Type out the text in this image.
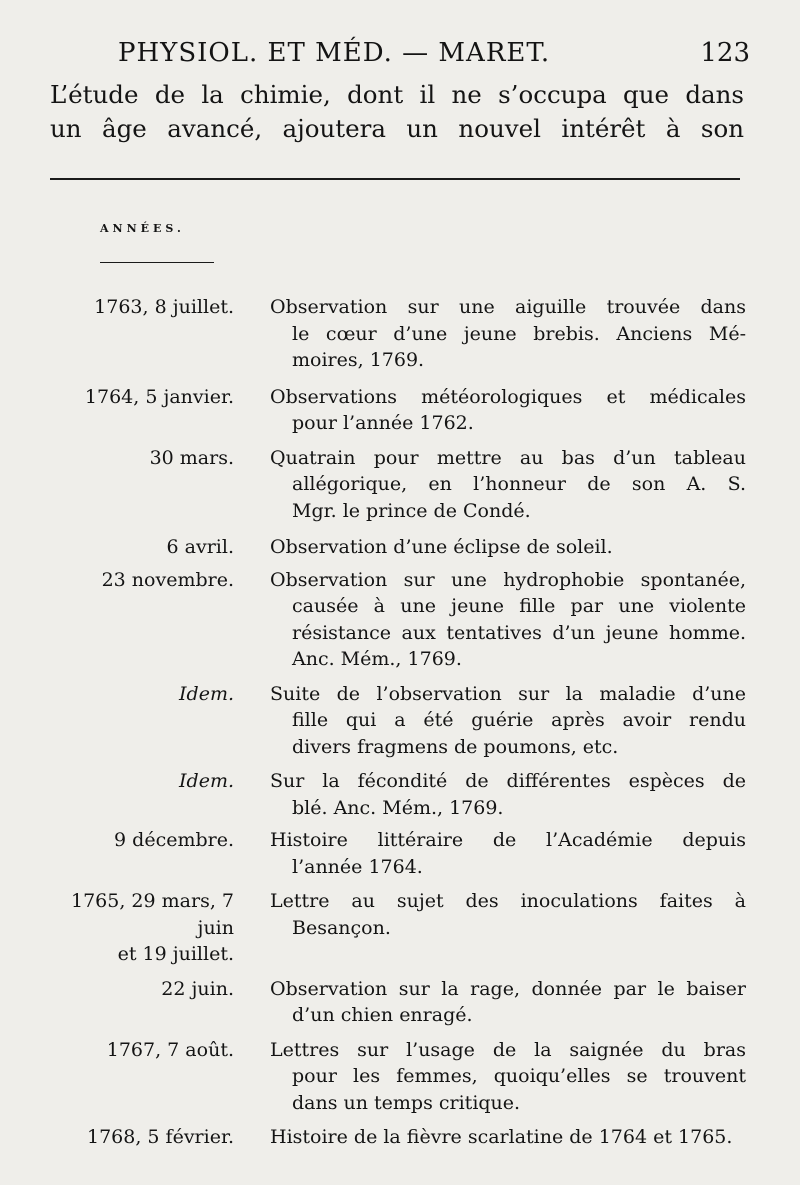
PHYSIOL. ET MÉD. — MARET.	123
L’étude de la chimie, dont il ne s’occupa que dans
un âge avancé, ajoutera un nouvel intérêt à son
ANNÉES.
1763, 8 juillet. Observation sur une aiguille trouvée dans
le cœur d’une jeune brebis. Anciens Mé-
moires, 1769.
1764, 5 janvier. Observations météorologiques et médicales
pour l’année 1762.
30 mars. Quatrain pour mettre au bas d’un tableau
allégorique, en l’honneur de son A. S.
Mgr. le prince de Condé.
6 avril. Observation d’une éclipse de soleil.
23 novembre. Observation sur une hydrophobie spontanée,
causée à une jeune fille par une violente
résistance aux tentatives d’un jeune homme.
Anc. Mém., 1769.
Idem. Suite de l’observation sur la maladie d’une
fille qui a été guérie après avoir rendu
divers fragmens de poumons, etc.
Idem. Sur la fécondité de différentes espèces de
blé. Anc. Mém., 1769.
9 décembre. Histoire littéraire de l’Académie depuis
l’année 1764.
1765, 29 mars, 7 juin
et 19 juillet.
Lettre au sujet des inoculations faites à
Besançon.
22 juin. Observation sur la rage, donnée par le baiser
d’un chien enragé.
1767, 7 août. Lettres sur l’usage de la saignée du bras
pour les femmes, quoiqu’elles se trouvent
dans un temps critique.
1768, 5 février. Histoire de la fièvre scarlatine de 1764 et 1765.
